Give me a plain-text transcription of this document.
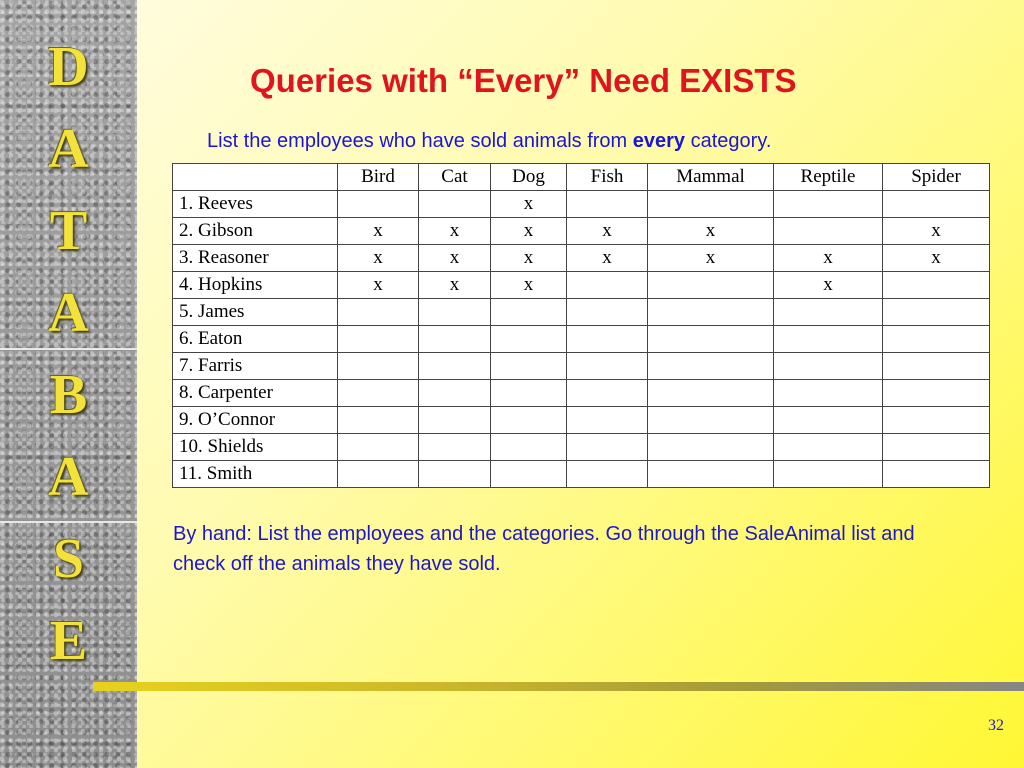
D
A
T
A
B
A
S
E
Queries with “Every” Need EXISTS
List the employees who have sold animals from every category.
	Bird	Cat	Dog	Fish	Mammal	Reptile	Spider
1. Reeves			x				
2. Gibson	x	x	x	x	x		x
3. Reasoner	x	x	x	x	x	x	x
4. Hopkins	x	x	x			x	
5. James							
6. Eaton							
7. Farris							
8. Carpenter							
9. O’Connor							
10. Shields							
11. Smith							
By hand: List the employees and the categories. Go through the SaleAnimal list and check off the animals they have sold.
32
